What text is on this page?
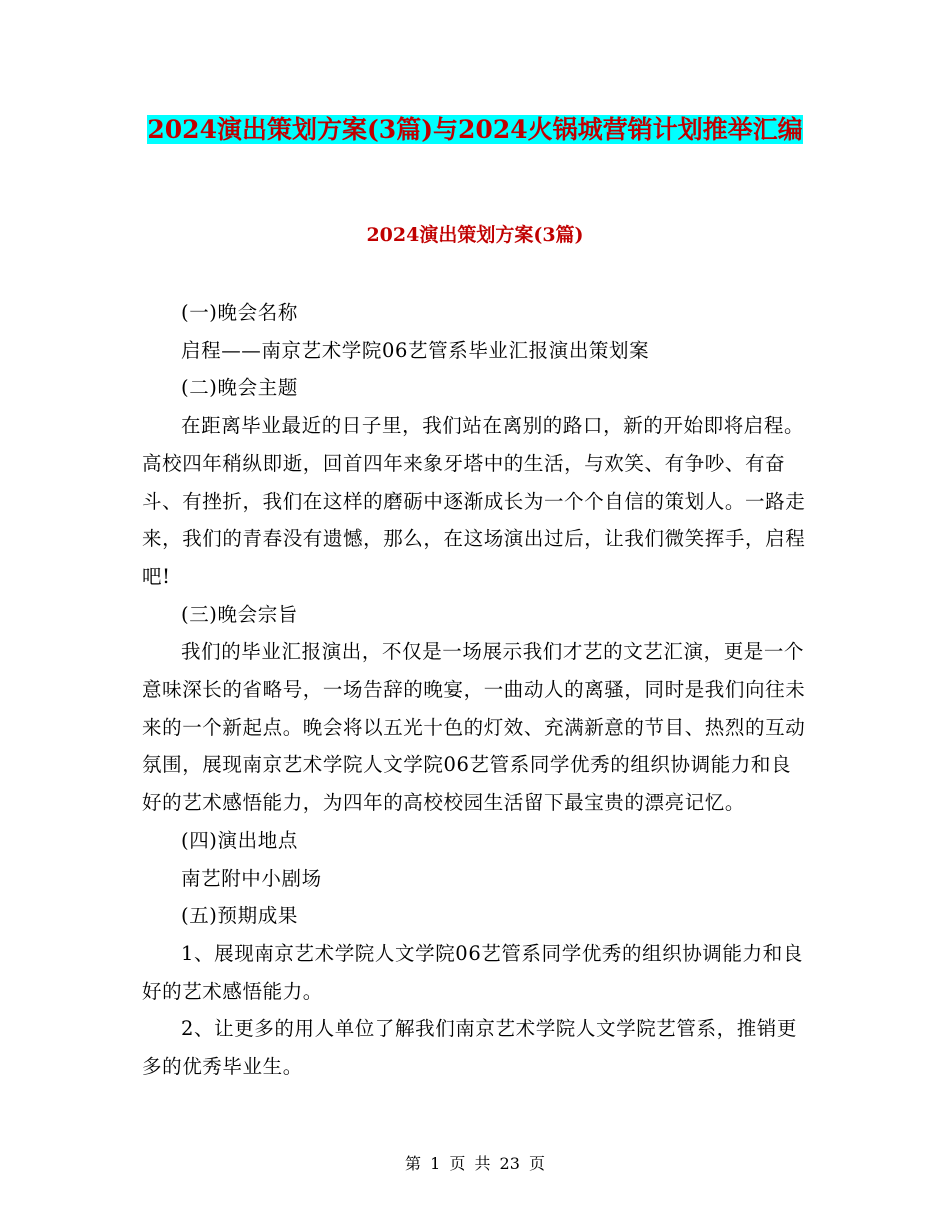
2024演出策划方案(3篇)与2024火锅城营销计划推举汇编
2024演出策划方案(3篇)

(一)晚会名称

启程——南京艺术学院06艺管系毕业汇报演出策划案

(二)晚会主题

在距离毕业最近的日子里，我们站在离别的路口，新的开始即将启程。高校四年稍纵即逝，回首四年来象牙塔中的生活，与欢笑、有争吵、有奋斗、有挫折，我们在这样的磨砺中逐渐成长为一个个自信的策划人。一路走来，我们的青春没有遗憾，那么，在这场演出过后，让我们微笑挥手，启程吧!

(三)晚会宗旨

我们的毕业汇报演出，不仅是一场展示我们才艺的文艺汇演，更是一个意味深长的省略号，一场告辞的晚宴，一曲动人的离骚，同时是我们向往未来的一个新起点。晚会将以五光十色的灯效、充满新意的节目、热烈的互动氛围，展现南京艺术学院人文学院06艺管系同学优秀的组织协调能力和良好的艺术感悟能力，为四年的高校校园生活留下最宝贵的漂亮记忆。

(四)演出地点

南艺附中小剧场

(五)预期成果

1、展现南京艺术学院人文学院06艺管系同学优秀的组织协调能力和良好的艺术感悟能力。

2、让更多的用人单位了解我们南京艺术学院人文学院艺管系，推销更多的优秀毕业生。

第 1 页 共 23 页
